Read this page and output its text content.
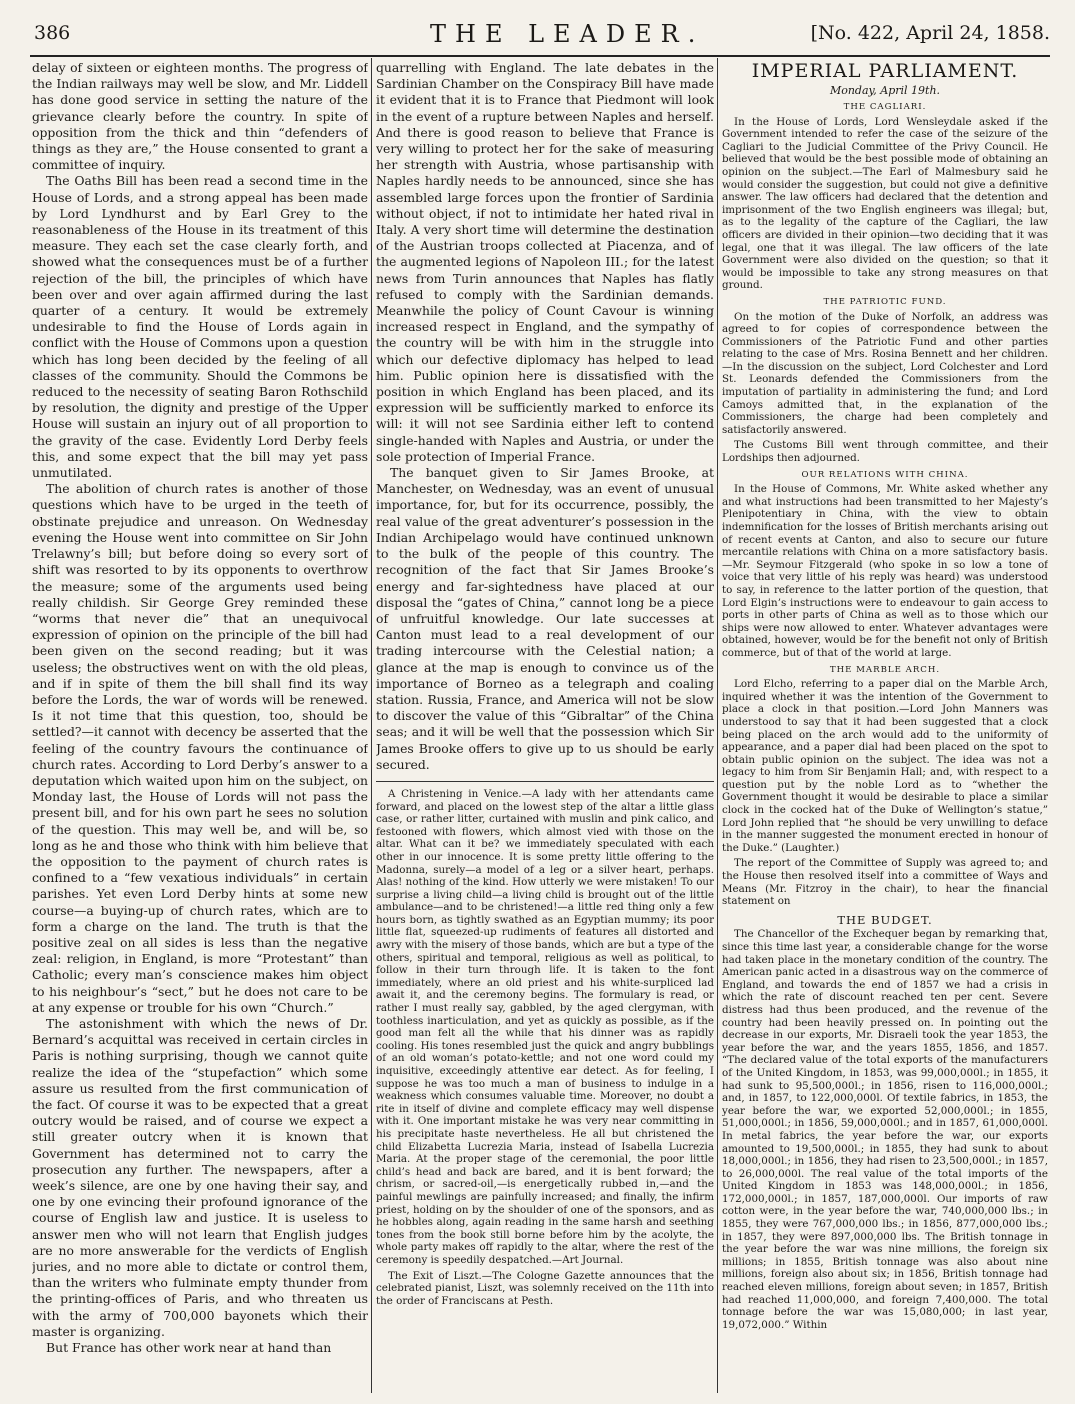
386	THE LEADER.	[No. 422, April 24, 1858.

delay of sixteen or eighteen months. The progress of the Indian railways may well be slow, and Mr. Liddell has done good service in setting the nature of the grievance clearly before the country. In spite of opposition from the thick and thin “defenders of things as they are,” the House consented to grant a committee of inquiry.

The Oaths Bill has been read a second time in the House of Lords, and a strong appeal has been made by Lord Lyndhurst and by Earl Grey to the reasonableness of the House in its treatment of this measure. They each set the case clearly forth, and showed what the consequences must be of a further rejection of the bill, the principles of which have been over and over again affirmed during the last quarter of a century. It would be extremely undesirable to find the House of Lords again in conflict with the House of Commons upon a question which has long been decided by the feeling of all classes of the community. Should the Commons be reduced to the necessity of seating Baron Rothschild by resolution, the dignity and prestige of the Upper House will sustain an injury out of all proportion to the gravity of the case. Evidently Lord Derby feels this, and some expect that the bill may yet pass unmutilated.

The abolition of church rates is another of those questions which have to be urged in the teeth of obstinate prejudice and unreason. On Wednesday evening the House went into committee on Sir John Trelawny’s bill; but before doing so every sort of shift was resorted to by its opponents to overthrow the measure; some of the arguments used being really childish. Sir George Grey reminded these “worms that never die” that an unequivocal expression of opinion on the principle of the bill had been given on the second reading; but it was useless; the obstructives went on with the old pleas, and if in spite of them the bill shall find its way before the Lords, the war of words will be renewed. Is it not time that this question, too, should be settled?—it cannot with decency be asserted that the feeling of the country favours the continuance of church rates. According to Lord Derby’s answer to a deputation which waited upon him on the subject, on Monday last, the House of Lords will not pass the present bill, and for his own part he sees no solution of the question. This may well be, and will be, so long as he and those who think with him believe that the opposition to the payment of church rates is confined to a “few vexatious individuals” in certain parishes. Yet even Lord Derby hints at some new course—a buying-up of church rates, which are to form a charge on the land. The truth is that the positive zeal on all sides is less than the negative zeal: religion, in England, is more “Protestant” than Catholic; every man’s conscience makes him object to his neighbour’s “sect,” but he does not care to be at any expense or trouble for his own “Church.”

The astonishment with which the news of Dr. Bernard’s acquittal was received in certain circles in Paris is nothing surprising, though we cannot quite realize the idea of the “stupefaction” which some assure us resulted from the first communication of the fact. Of course it was to be expected that a great outcry would be raised, and of course we expect a still greater outcry when it is known that Government has determined not to carry the prosecution any further. The newspapers, after a week’s silence, are one by one having their say, and one by one evincing their profound ignorance of the course of English law and justice. It is useless to answer men who will not learn that English judges are no more answerable for the verdicts of English juries, and no more able to dictate or control them, than the writers who fulminate empty thunder from the printing-offices of Paris, and who threaten us with the army of 700,000 bayonets which their master is organizing.

But France has other work near at hand than

quarrelling with England. The late debates in the Sardinian Chamber on the Conspiracy Bill have made it evident that it is to France that Piedmont will look in the event of a rupture between Naples and herself. And there is good reason to believe that France is very willing to protect her for the sake of measuring her strength with Austria, whose partisanship with Naples hardly needs to be announced, since she has assembled large forces upon the frontier of Sardinia without object, if not to intimidate her hated rival in Italy. A very short time will determine the destination of the Austrian troops collected at Piacenza, and of the augmented legions of Napoleon III.; for the latest news from Turin announces that Naples has flatly refused to comply with the Sardinian demands. Meanwhile the policy of Count Cavour is winning increased respect in England, and the sympathy of the country will be with him in the struggle into which our defective diplomacy has helped to lead him. Public opinion here is dissatisfied with the position in which England has been placed, and its expression will be sufficiently marked to enforce its will: it will not see Sardinia either left to contend single-handed with Naples and Austria, or under the sole protection of Imperial France.

The banquet given to Sir James Brooke, at Manchester, on Wednesday, was an event of unusual importance, for, but for its occurrence, possibly, the real value of the great adventurer’s possession in the Indian Archipelago would have continued unknown to the bulk of the people of this country. The recognition of the fact that Sir James Brooke’s energy and far-sightedness have placed at our disposal the “gates of China,” cannot long be a piece of unfruitful knowledge. Our late successes at Canton must lead to a real development of our trading intercourse with the Celestial nation; a glance at the map is enough to convince us of the importance of Borneo as a telegraph and coaling station. Russia, France, and America will not be slow to discover the value of this “Gibraltar” of the China seas; and it will be well that the possession which Sir James Brooke offers to give up to us should be early secured.

A Christening in Venice.—A lady with her attendants came forward, and placed on the lowest step of the altar a little glass case, or rather litter, curtained with muslin and pink calico, and festooned with flowers, which almost vied with those on the altar. What can it be? we immediately speculated with each other in our innocence. It is some pretty little offering to the Madonna, surely—a model of a leg or a silver heart, perhaps. Alas! nothing of the kind. How utterly we were mistaken! To our surprise a living child—a living child is brought out of the little ambulance—and to be christened!—a little red thing only a few hours born, as tightly swathed as an Egyptian mummy; its poor little flat, squeezed-up rudiments of features all distorted and awry with the misery of those bands, which are but a type of the others, spiritual and temporal, religious as well as political, to follow in their turn through life. It is taken to the font immediately, where an old priest and his white-surpliced lad await it, and the ceremony begins. The formulary is read, or rather I must really say, gabbled, by the aged clergyman, with toothless inarticulation, and yet as quickly as possible, as if the good man felt all the while that his dinner was as rapidly cooling. His tones resembled just the quick and angry bubblings of an old woman’s potato-kettle; and not one word could my inquisitive, exceedingly attentive ear detect. As for feeling, I suppose he was too much a man of business to indulge in a weakness which consumes valuable time. Moreover, no doubt a rite in itself of divine and complete efficacy may well dispense with it. One important mistake he was very near committing in his precipitate haste nevertheless. He all but christened the child Elizabetta Lucrezia Maria, instead of Isabella Lucrezia Maria. At the proper stage of the ceremonial, the poor little child’s head and back are bared, and it is bent forward; the chrism, or sacred-oil,—is energetically rubbed in,—and the painful mewlings are painfully increased; and finally, the infirm priest, holding on by the shoulder of one of the sponsors, and as he hobbles along, again reading in the same harsh and seething tones from the book still borne before him by the acolyte, the whole party makes off rapidly to the altar, where the rest of the ceremony is speedily despatched.—Art Journal.

The Exit of Liszt.—The Cologne Gazette announces that the celebrated pianist, Liszt, was solemnly received on the 11th into the order of Franciscans at Pesth.

IMPERIAL PARLIAMENT.
Monday, April 19th.
THE CAGLIARI.

In the House of Lords, Lord Wensleydale asked if the Government intended to refer the case of the seizure of the Cagliari to the Judicial Committee of the Privy Council. He believed that would be the best possible mode of obtaining an opinion on the subject.—The Earl of Malmesbury said he would consider the suggestion, but could not give a definitive answer. The law officers had declared that the detention and imprisonment of the two English engineers was illegal; but, as to the legality of the capture of the Cagliari, the law officers are divided in their opinion—two deciding that it was legal, one that it was illegal. The law officers of the late Government were also divided on the question; so that it would be impossible to take any strong measures on that ground.

THE PATRIOTIC FUND.

On the motion of the Duke of Norfolk, an address was agreed to for copies of correspondence between the Commissioners of the Patriotic Fund and other parties relating to the case of Mrs. Rosina Bennett and her children.—In the discussion on the subject, Lord Colchester and Lord St. Leonards defended the Commissioners from the imputation of partiality in administering the fund; and Lord Camoys admitted that, in the explanation of the Commissioners, the charge had been completely and satisfactorily answered.

The Customs Bill went through committee, and their Lordships then adjourned.

OUR RELATIONS WITH CHINA.

In the House of Commons, Mr. White asked whether any and what instructions had been transmitted to her Majesty’s Plenipotentiary in China, with the view to obtain indemnification for the losses of British merchants arising out of recent events at Canton, and also to secure our future mercantile relations with China on a more satisfactory basis.—Mr. Seymour Fitzgerald (who spoke in so low a tone of voice that very little of his reply was heard) was understood to say, in reference to the latter portion of the question, that Lord Elgin’s instructions were to endeavour to gain access to ports in other parts of China as well as to those which our ships were now allowed to enter. Whatever advantages were obtained, however, would be for the benefit not only of British commerce, but of that of the world at large.

THE MARBLE ARCH.

Lord Elcho, referring to a paper dial on the Marble Arch, inquired whether it was the intention of the Government to place a clock in that position.—Lord John Manners was understood to say that it had been suggested that a clock being placed on the arch would add to the uniformity of appearance, and a paper dial had been placed on the spot to obtain public opinion on the subject. The idea was not a legacy to him from Sir Benjamin Hall; and, with respect to a question put by the noble Lord as to “whether the Government thought it would be desirable to place a similar clock in the cocked hat of the Duke of Wellington’s statue,” Lord John replied that “he should be very unwilling to deface in the manner suggested the monument erected in honour of the Duke.” (Laughter.)

The report of the Committee of Supply was agreed to; and the House then resolved itself into a committee of Ways and Means (Mr. Fitzroy in the chair), to hear the financial statement on

THE BUDGET.

The Chancellor of the Exchequer began by remarking that, since this time last year, a considerable change for the worse had taken place in the monetary condition of the country. The American panic acted in a disastrous way on the commerce of England, and towards the end of 1857 we had a crisis in which the rate of discount reached ten per cent. Severe distress had thus been produced, and the revenue of the country had been heavily pressed on. In pointing out the decrease in our exports, Mr. Disraeli took the year 1853, the year before the war, and the years 1855, 1856, and 1857. “The declared value of the total exports of the manufacturers of the United Kingdom, in 1853, was 99,000,000l.; in 1855, it had sunk to 95,500,000l.; in 1856, risen to 116,000,000l.; and, in 1857, to 122,000,000l. Of textile fabrics, in 1853, the year before the war, we exported 52,000,000l.; in 1855, 51,000,000l.; in 1856, 59,000,000l.; and in 1857, 61,000,000l. In metal fabrics, the year before the war, our exports amounted to 19,500,000l.; in 1855, they had sunk to about 18,000,000l.; in 1856, they had risen to 23,500,000l.; in 1857, to 26,000,000l. The real value of the total imports of the United Kingdom in 1853 was 148,000,000l.; in 1856, 172,000,000l.; in 1857, 187,000,000l. Our imports of raw cotton were, in the year before the war, 740,000,000 lbs.; in 1855, they were 767,000,000 lbs.; in 1856, 877,000,000 lbs.; in 1857, they were 897,000,000 lbs. The British tonnage in the year before the war was nine millions, the foreign six millions; in 1855, British tonnage was also about nine millions, foreign also about six; in 1856, British tonnage had reached eleven millions, foreign about seven; in 1857, British had reached 11,000,000, and foreign 7,400,000. The total tonnage before the war was 15,080,000; in last year, 19,072,000.” Within
